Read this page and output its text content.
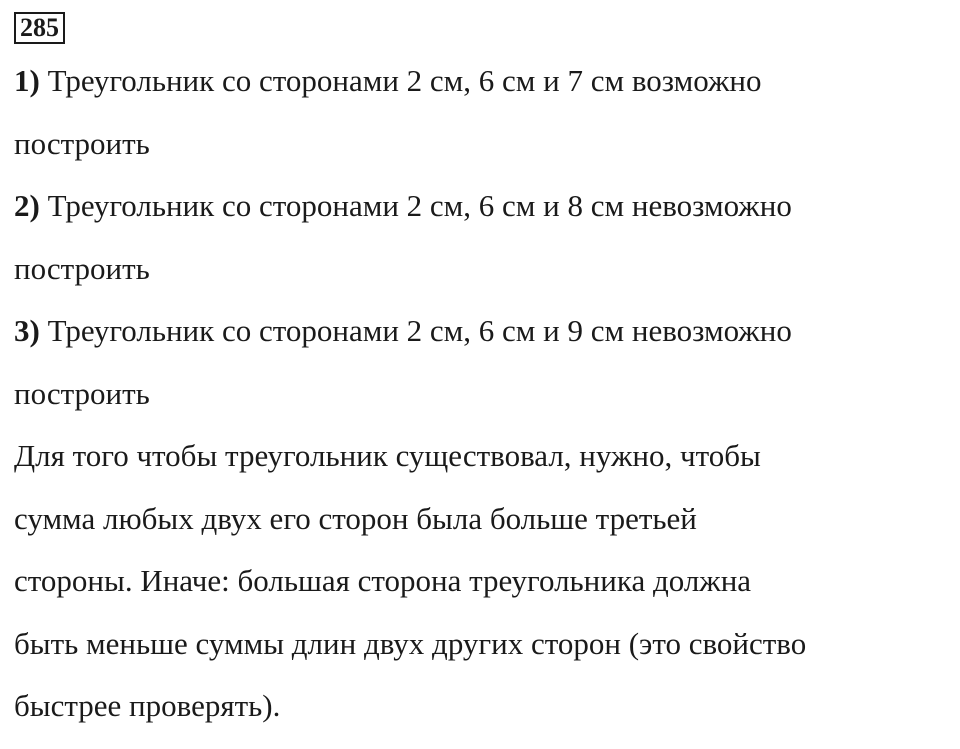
285

1) Треугольник со сторонами 2 см, 6 см и 7 см возможно

построить

2) Треугольник со сторонами 2 см, 6 см и 8 см невозможно

построить

3) Треугольник со сторонами 2 см, 6 см и 9 см невозможно

построить

Для того чтобы треугольник существовал, нужно, чтобы

сумма любых двух его сторон была больше третьей

стороны. Иначе: большая сторона треугольника должна

быть меньше суммы длин двух других сторон (это свойство

быстрее проверять).
